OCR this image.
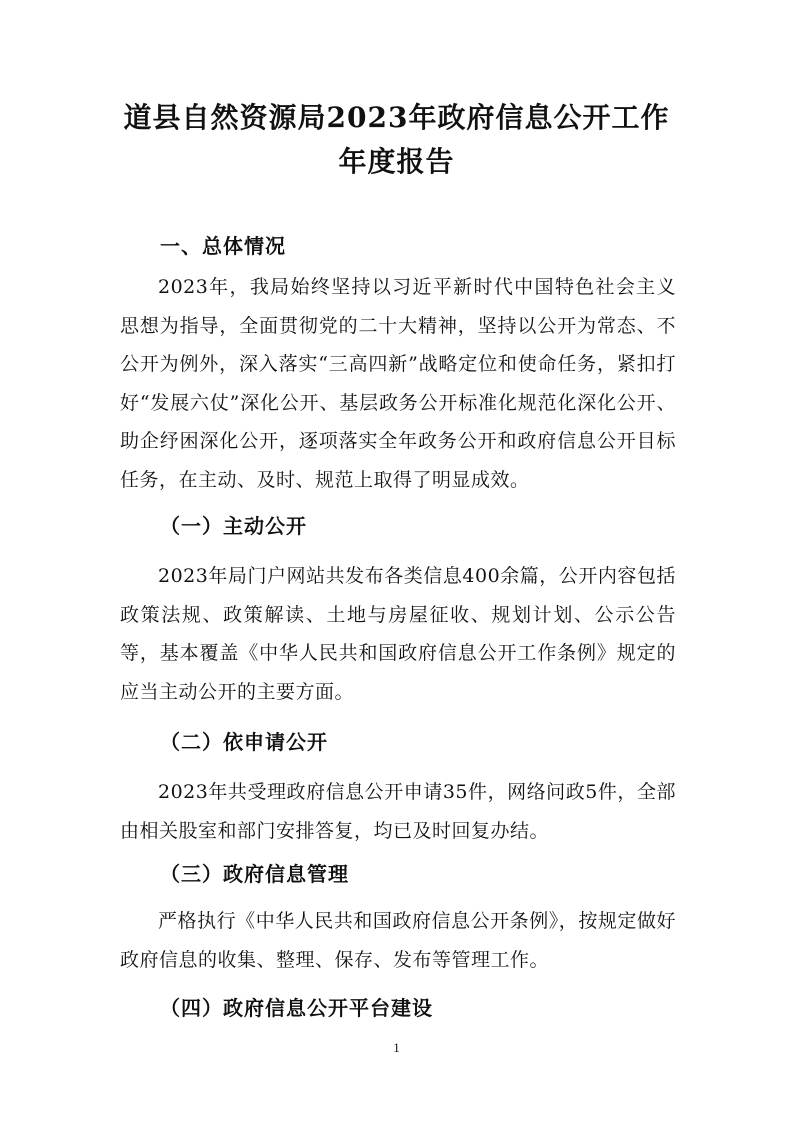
道县自然资源局2023年政府信息公开工作
年度报告
一、总体情况

2023年，我局始终坚持以习近平新时代中国特色社会主义思想为指导，全面贯彻党的二十大精神，坚持以公开为常态、不公开为例外，深入落实“三高四新”战略定位和使命任务，紧扣打好“发展六仗”深化公开、基层政务公开标准化规范化深化公开、助企纾困深化公开，逐项落实全年政务公开和政府信息公开目标任务，在主动、及时、规范上取得了明显成效。

（一）主动公开

2023年局门户网站共发布各类信息400余篇，公开内容包括政策法规、政策解读、土地与房屋征收、规划计划、公示公告等，基本覆盖《中华人民共和国政府信息公开工作条例》规定的应当主动公开的主要方面。

（二）依申请公开

2023年共受理政府信息公开申请35件，网络问政5件，全部由相关股室和部门安排答复，均已及时回复办结。

（三）政府信息管理

严格执行《中华人民共和国政府信息公开条例》，按规定做好政府信息的收集、整理、保存、发布等管理工作。

（四）政府信息公开平台建设

1
